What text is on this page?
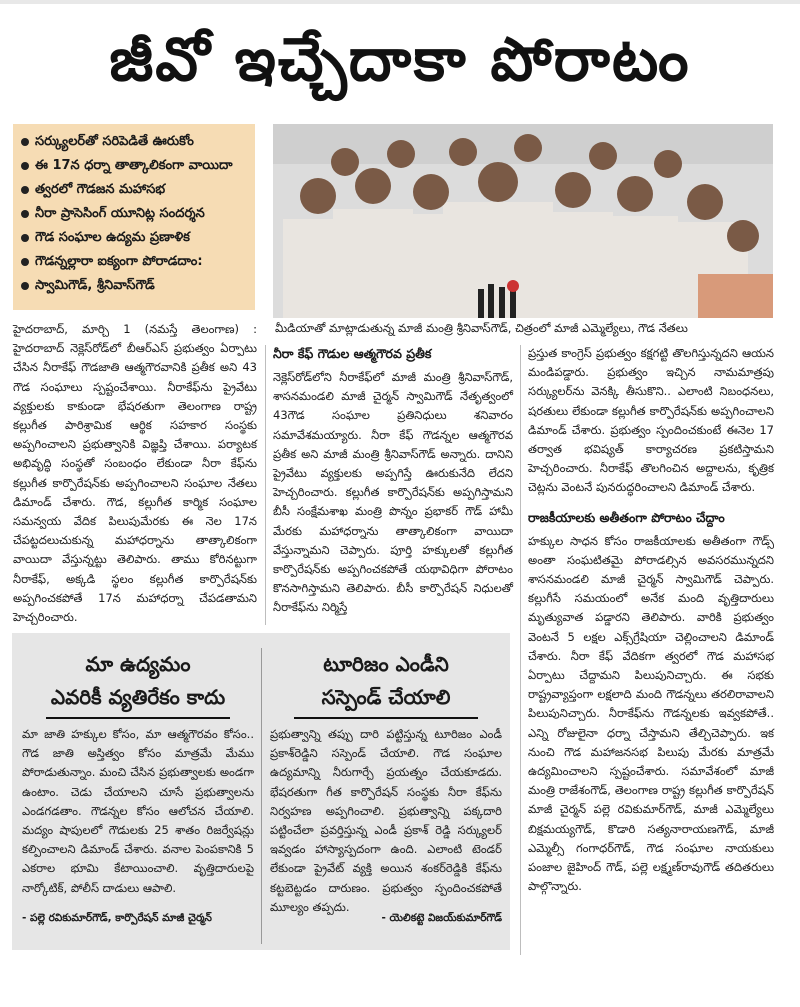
జీవో ఇచ్చేదాకా పోరాటం
సర్క్యులర్‌తో సరిపెడితే ఊరుకోం
ఈ 17న ధర్నా తాత్కాలికంగా వాయిదా
త్వరలో గౌడజన మహాసభ
నీరా ప్రాసెసింగ్ యూనిట్ల సందర్శన
గౌడ సంఘాల ఉద్యమ ప్రణాళిక
గౌడన్నల్లారా ఐక్యంగా పోరాడదాం:
స్వామిగౌడ్, శ్రీనివాస్‌గౌడ్
మీడియాతో మాట్లాడుతున్న మాజీ మంత్రి శ్రీనివాస్‌గౌడ్, చిత్రంలో మాజీ ఎమ్మెల్యేలు, గౌడ నేతలు

హైదరాబాద్, మార్చి 1 (నమస్తే తెలంగాణ) : హైదరాబాద్ నెక్లెస్‌రోడ్‌లో బీఆర్‌ఎస్ ప్రభుత్వం ఏర్పాటు చేసిన నీరాకేఫ్ గౌడజాతి ఆత్మగౌరవానికి ప్రతీక అని 43 గౌడ సంఘాలు స్పష్టంచేశాయి. నీరాకేఫ్‌ను ప్రైవేటు వ్యక్తులకు కాకుండా భేషరతుగా తెలంగాణ రాష్ట్ర కల్లుగీత పారిశ్రామిక ఆర్థిక సహకార సంస్థకు అప్పగించాలని ప్రభుత్వానికి విజ్ఞప్తి చేశాయి. పర్యాటక అభివృద్ధి సంస్థతో సంబంధం లేకుండా నీరా కేఫ్‌ను కల్లుగీత కార్పొరేషన్‌కు అప్పగించాలని సంఘాల నేతలు డిమాండ్ చేశారు. గౌడ, కల్లుగీత కార్మిక సంఘాల సమన్వయ వేదిక పిలుపుమేరకు ఈ నెల 17న చేపట్టదలుచుకున్న మహాధర్నాను తాత్కాలికంగా వాయిదా వేస్తున్నట్టు తెలిపారు. తాము కోరినట్టుగా నీరాకేఫ్, అక్కడి స్థలం కల్లుగీత కార్పొరేషన్‌కు అప్పగించకపోతే 17న మహాధర్నా చేపడతామని హెచ్చరించారు.

నీరా కేఫ్ గౌడుల ఆత్మగౌరవ ప్రతీక

నెక్లెస్‌రోడ్‌లోని నీరాకేఫ్‌లో మాజీ మంత్రి శ్రీనివాస్‌గౌడ్, శాసనమండలి మాజీ చైర్మన్ స్వామిగౌడ్ నేతృత్వంలో 43గౌడ సంఘాల ప్రతినిధులు శనివారం సమావేశమయ్యారు. నీరా కేఫ్ గౌడన్నల ఆత్మగౌరవ ప్రతీక అని మాజీ మంత్రి శ్రీనివాస్‌గౌడ్ అన్నారు. దానిని ప్రైవేటు వ్యక్తులకు అప్పగిస్తే ఊరుకునేది లేదని హెచ్చరించారు. కల్లుగీత కార్పొరేషన్‌కు అప్పగిస్తామని బీసీ సంక్షేమశాఖ మంత్రి పొన్నం ప్రభాకర్ గౌడ్ హామీ మేరకు మహాధర్నాను తాత్కాలికంగా వాయిదా వేస్తున్నామని చెప్పారు. పూర్తి హక్కులతో కల్లుగీత కార్పొరేషన్‌కు అప్పగించకపోతే యథావిధిగా పోరాటం కొనసాగిస్తామని తెలిపారు. బీసీ కార్పొరేషన్ నిధులతో నీరాకేఫ్‌ను నిర్మిస్తే

ప్రస్తుత కాంగ్రెస్ ప్రభుత్వం కక్షగట్టి తొలగిస్తున్నదని ఆయన మండిపడ్డారు. ప్రభుత్వం ఇచ్చిన నామమాత్రపు సర్క్యులర్‌ను వెనక్కి తీసుకొని.. ఎలాంటి నిబంధనలు, షరతులు లేకుండా కల్లుగీత కార్పొరేషన్‌కు అప్పగించాలని డిమాండ్ చేశారు. ప్రభుత్వం స్పందించకుంటే ఈనెల 17 తర్వాత భవిష్యత్ కార్యాచరణ ప్రకటిస్తామని హెచ్చరించారు. నీరాకేఫ్ తొలగించిన అద్దాలను, కృత్రిక చెట్లను వెంటనే పునరుద్ధరించాలని డిమాండ్ చేశారు.

రాజకీయాలకు అతీతంగా పోరాటం చేద్దాం

హక్కుల సాధన కోసం రాజకీయాలకు అతీతంగా గౌడ్స్ అంతా సంఘటితమై పోరాడల్సిన అవసరమున్నదని శాసనమండలి మాజీ చైర్మన్ స్వామిగౌడ్ చెప్పారు. కల్లుగీసే సమయంలో అనేక మంది వృత్తిదారులు మృత్యువాత పడ్డారని తెలిపారు. వారికి ప్రభుత్వం వెంటనే 5 లక్షల ఎక్స్‌గ్రేషియా చెల్లించాలని డిమాండ్ చేశారు. నీరా కేఫ్ వేదికగా త్వరలో గౌడ మహాసభ ఏర్పాటు చేద్దామని పిలుపునిచ్చారు. ఈ సభకు రాష్ట్రవ్యాప్తంగా లక్షలాది మంది గౌడన్నలు తరలిరావాలని పిలుపునిచ్చారు. నీరాకేఫ్‌ను గౌడన్నలకు ఇవ్వకపోతే.. ఎన్ని రోజులైనా ధర్నా చేస్తామని తేల్చిచెప్పారు. ఇక నుంచి గౌడ మహాజనసభ పిలుపు మేరకు మాత్రమే ఉద్యమించాలని స్పష్టంచేశారు. సమావేశంలో మాజీ మంత్రి రాజేశంగౌడ్, తెలంగాణ రాష్ట్ర కల్లుగీత కార్పొరేషన్ మాజీ చైర్మన్ పల్లె రవికుమార్‌గౌడ్, మాజీ ఎమ్మెల్యేలు బిక్షమయ్యగౌడ్, కొడారి సత్యనారాయణగౌడ్, మాజీ ఎమ్మెల్సీ గంగాధర్‌గౌడ్, గౌడ సంఘాల నాయకులు పంజాల జైహింద్ గౌడ్, పల్లె లక్ష్మణ్‌రావుగౌడ్ తదితరులు పాల్గొన్నారు.

మా ఉద్యమం
ఎవరికీ వ్యతిరేకం కాదు
మా జాతి హక్కుల కోసం, మా ఆత్మగౌరవం కోసం.. గౌడ జాతి అస్తిత్వం కోసం మాత్రమే మేము పోరాడుతున్నాం. మంచి చేసిన ప్రభుత్వాలకు అండగా ఉంటాం. చెడు చేయాలని చూసే ప్రభుత్వాలను ఎండగడతాం. గౌడన్నల కోసం ఆలోచన చేయాలి. మద్యం షాపులలో గౌడులకు 25 శాతం రిజర్వేషన్లు కల్పించాలని డిమాండ్ చేశారు. వనాల పెంపకానికి 5 ఎకరాల భూమి కేటాయించాలి. వృత్తిదారులపై నార్కోటిక్, పోలీస్ దాడులు ఆపాలి.
- పల్లె రవికుమార్‌గౌడ్, కార్పొరేషన్ మాజీ చైర్మన్
టూరిజం ఎండీని
సస్పెండ్ చేయాలి
ప్రభుత్వాన్ని తప్పు దారి పట్టిస్తున్న టూరిజం ఎండీ ప్రకాశ్‌రెడ్డిని సస్పెండ్ చేయాలి. గౌడ సంఘాల ఉద్యమాన్ని నీరుగార్చే ప్రయత్నం చేయకూడదు. భేషరతుగా గీత కార్పొరేషన్ సంస్థకు నీరా కేఫ్‌ను నిర్వహణ అప్పగించాలి. ప్రభుత్వాన్ని పక్కదారి పట్టించేలా ప్రవర్తిస్తున్న ఎండీ ప్రకాశ్ రెడ్డి సర్క్యులర్ ఇవ్వడం హాస్యాస్పదంగా ఉంది. ఎలాంటి టెండర్ లేకుండా ప్రైవేట్ వ్యక్తి అయిన శంకర్‌రెడ్డికి కేఫ్‌ను కట్టబెట్టడం దారుణం. ప్రభుత్వం స్పందించకపోతే మూల్యం తప్పదు.
- యెలికట్టె విజయ్‌కుమార్‌గౌడ్
